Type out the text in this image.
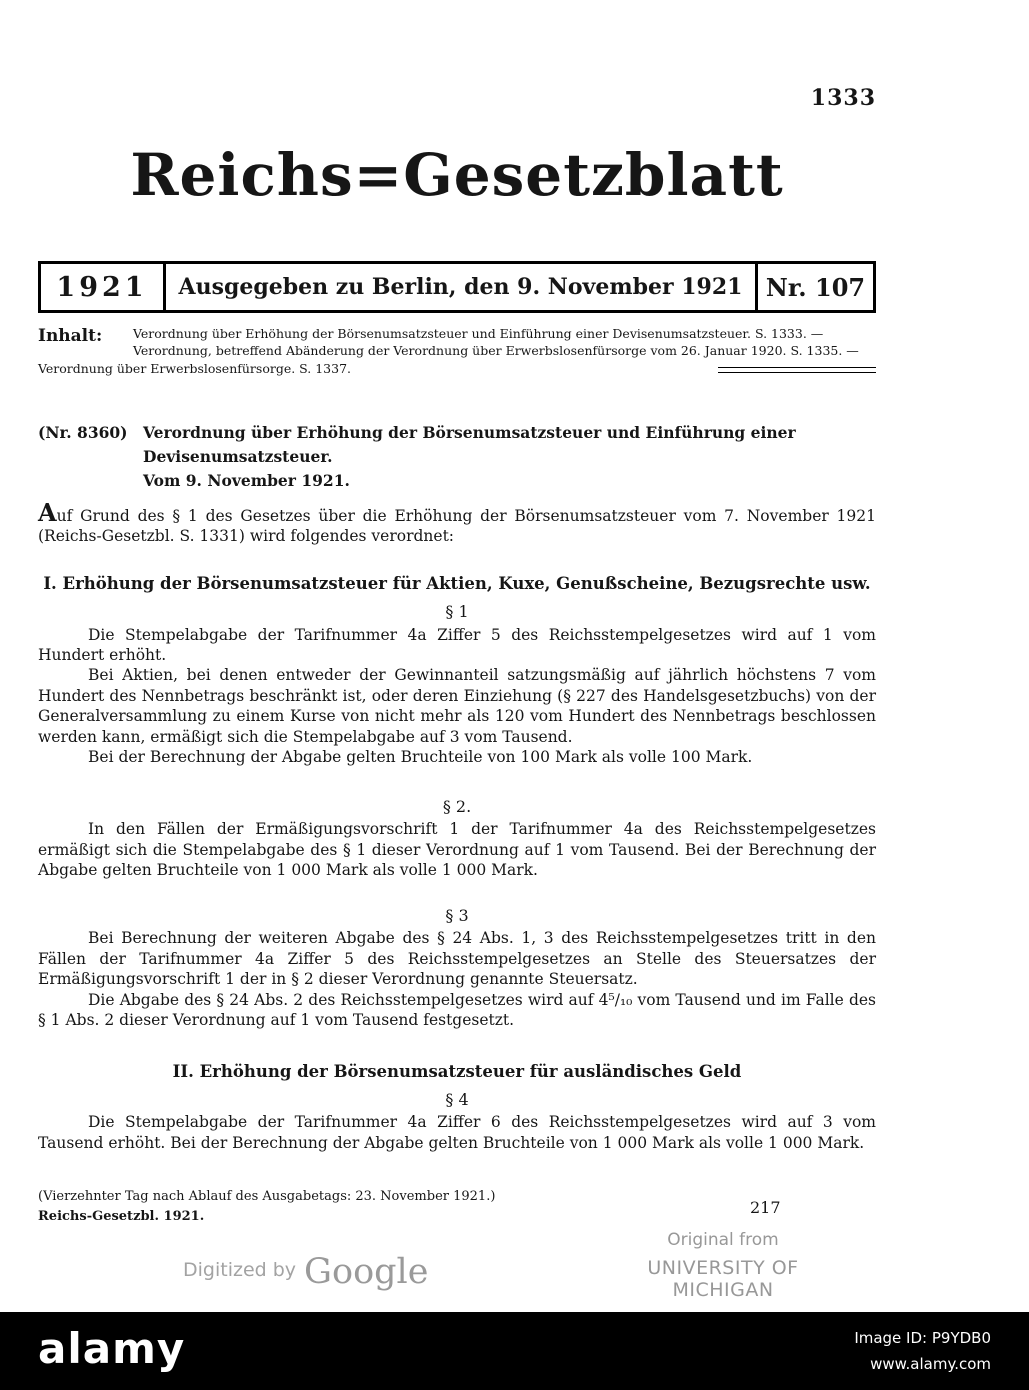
1333
Reichs=Gesetzblatt
1921	Ausgegeben zu Berlin, den 9. November 1921 Nr. 107
Inhalt: Verordnung über Erhöhung der Börsenumsatzsteuer und Einführung einer Devisenumsatzsteuer. S. 1333. — Verordnung, betreffend Abänderung der Verordnung über Erwerbslosenfürsorge vom 26. Januar 1920. S. 1335. —
Verordnung über Erwerbslosenfürsorge. S. 1337.
(Nr. 8360) Verordnung über Erhöhung der Börsenumsatzsteuer und Einführung einer Devisenumsatzsteuer.
Vom 9. November 1921.

Auf Grund des § 1 des Gesetzes über die Erhöhung der Börsenumsatzsteuer vom 7. November 1921 (Reichs-Gesetzbl. S. 1331) wird folgendes verordnet:

I. Erhöhung der Börsenumsatzsteuer für Aktien, Kuxe, Genußscheine, Bezugsrechte usw.
§ 1

Die Stempelabgabe der Tarifnummer 4a Ziffer 5 des Reichsstempelgesetzes wird auf 1 vom Hundert erhöht.

Bei Aktien, bei denen entweder der Gewinnanteil satzungsmäßig auf jährlich höchstens 7 vom Hundert des Nennbetrags beschränkt ist, oder deren Einziehung (§ 227 des Handelsgesetzbuchs) von der Generalversammlung zu einem Kurse von nicht mehr als 120 vom Hundert des Nennbetrags beschlossen werden kann, ermäßigt sich die Stempelabgabe auf 3 vom Tausend.

Bei der Berechnung der Abgabe gelten Bruchteile von 100 Mark als volle 100 Mark.

§ 2.

In den Fällen der Ermäßigungsvorschrift 1 der Tarifnummer 4a des Reichsstempelgesetzes ermäßigt sich die Stempelabgabe des § 1 dieser Verordnung auf 1 vom Tausend. Bei der Berechnung der Abgabe gelten Bruchteile von 1 000 Mark als volle 1 000 Mark.

§ 3

Bei Berechnung der weiteren Abgabe des § 24 Abs. 1, 3 des Reichsstempelgesetzes tritt in den Fällen der Tarifnummer 4a Ziffer 5 des Reichsstempelgesetzes an Stelle des Steuersatzes der Ermäßigungsvorschrift 1 der in § 2 dieser Verordnung genannte Steuersatz.

Die Abgabe des § 24 Abs. 2 des Reichsstempelgesetzes wird auf 4⁵/₁₀ vom Tausend und im Falle des § 1 Abs. 2 dieser Verordnung auf 1 vom Tausend festgesetzt.

II. Erhöhung der Börsenumsatzsteuer für ausländisches Geld
§ 4

Die Stempelabgabe der Tarifnummer 4a Ziffer 6 des Reichsstempelgesetzes wird auf 3 vom Tausend erhöht. Bei der Berechnung der Abgabe gelten Bruchteile von 1 000 Mark als volle 1 000 Mark.

(Vierzehnter Tag nach Ablauf des Ausgabetags: 23. November 1921.)
Reichs-Gesetzbl. 1921.	217
Digitized by Google
Original from
UNIVERSITY OF MICHIGAN
alamy	Image ID: P9YDB0
www.alamy.com
